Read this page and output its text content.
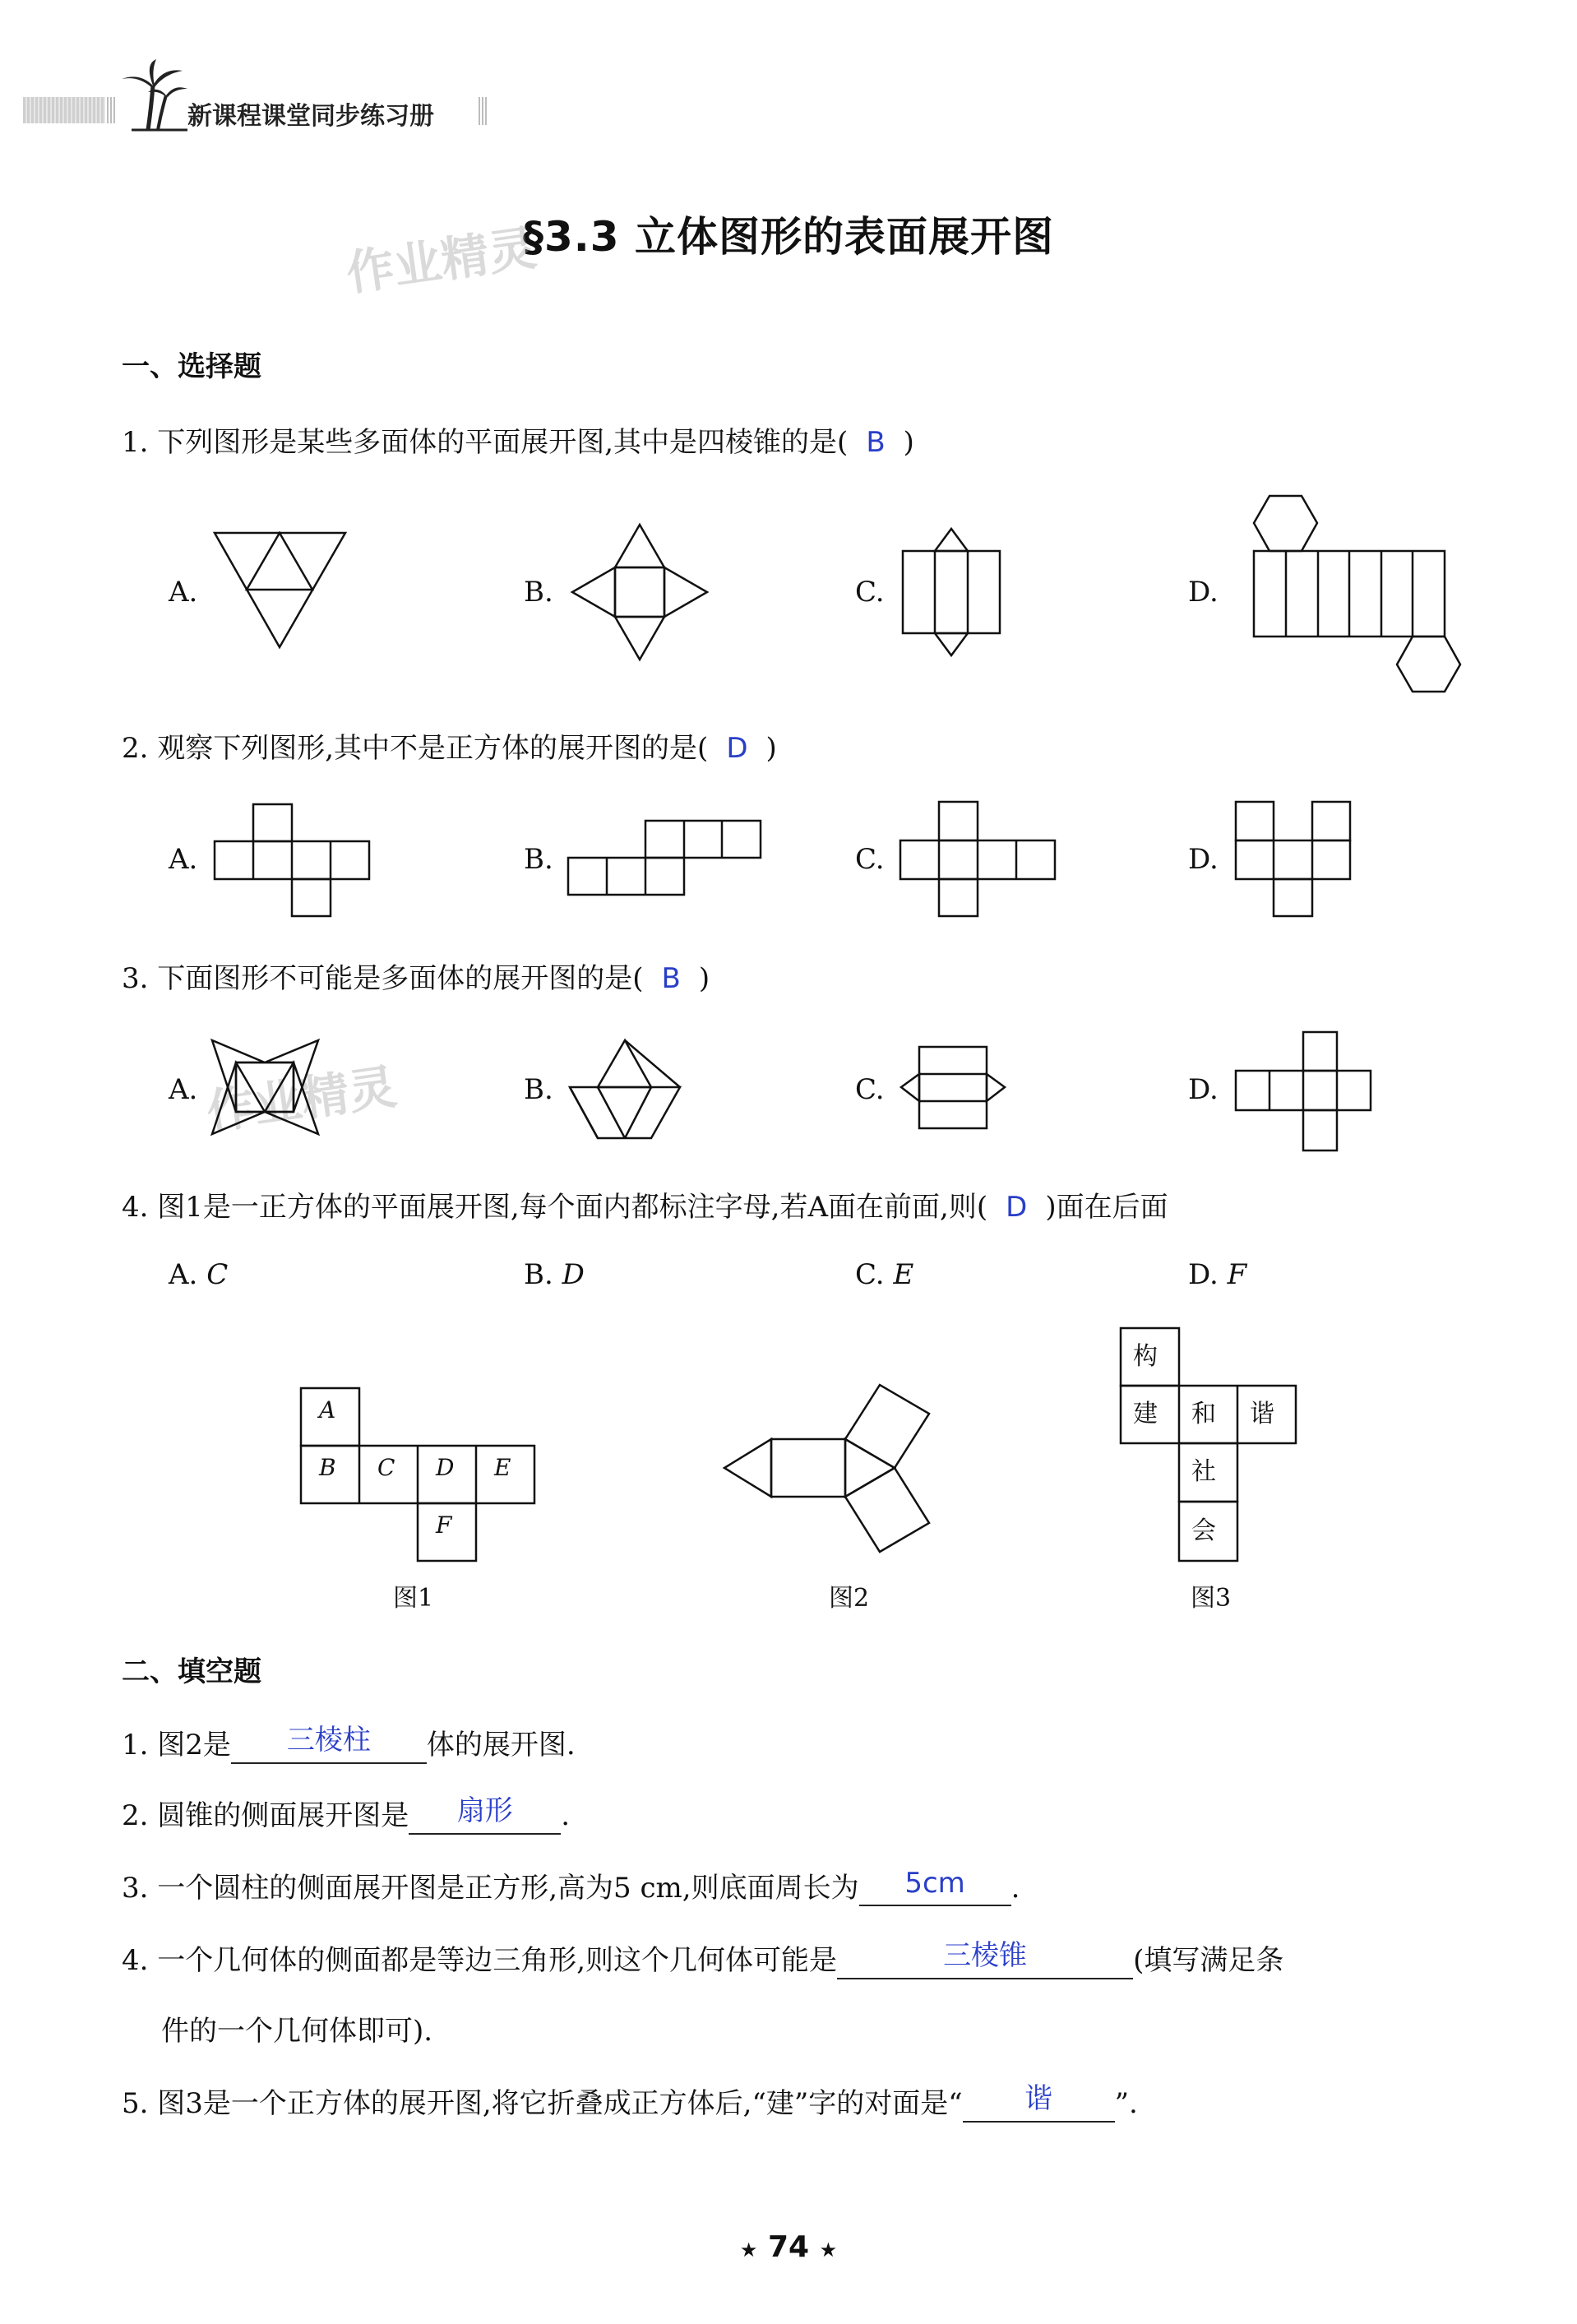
新课程课堂同步练习册
§3.3 立体图形的表面展开图
作业精灵
一、选择题
1. 下列图形是某些多面体的平面展开图,其中是四棱锥的是( B )
A.	B.	C.	D.
2. 观察下列图形,其中不是正方体的展开图的是( D )
A.	B.	C.	D.
3. 下面图形不可能是多面体的展开图的是( B )
A.	B.	C.	D.
作业精灵
4. 图1是一正方体的平面展开图,每个面内都标注字母,若A面在前面,则( D )面在后面
A. C	B. D	C. E	D. F
A
B C D E
F
图1	图2
构
建 和 谐
社
会
图3
二、填空题
1. 图2是 三棱柱 体的展开图.
2. 圆锥的侧面展开图是 扇形 .
3. 一个圆柱的侧面展开图是正方形,高为5 cm,则底面周长为 5cm .
4. 一个几何体的侧面都是等边三角形,则这个几何体可能是	三棱锥	(填写满足条
件的一个几何体即可).
5. 图3是一个正方体的展开图,将它折叠成正方体后,“建”字的对面是“ 谐 ”.
★ 74 ★
